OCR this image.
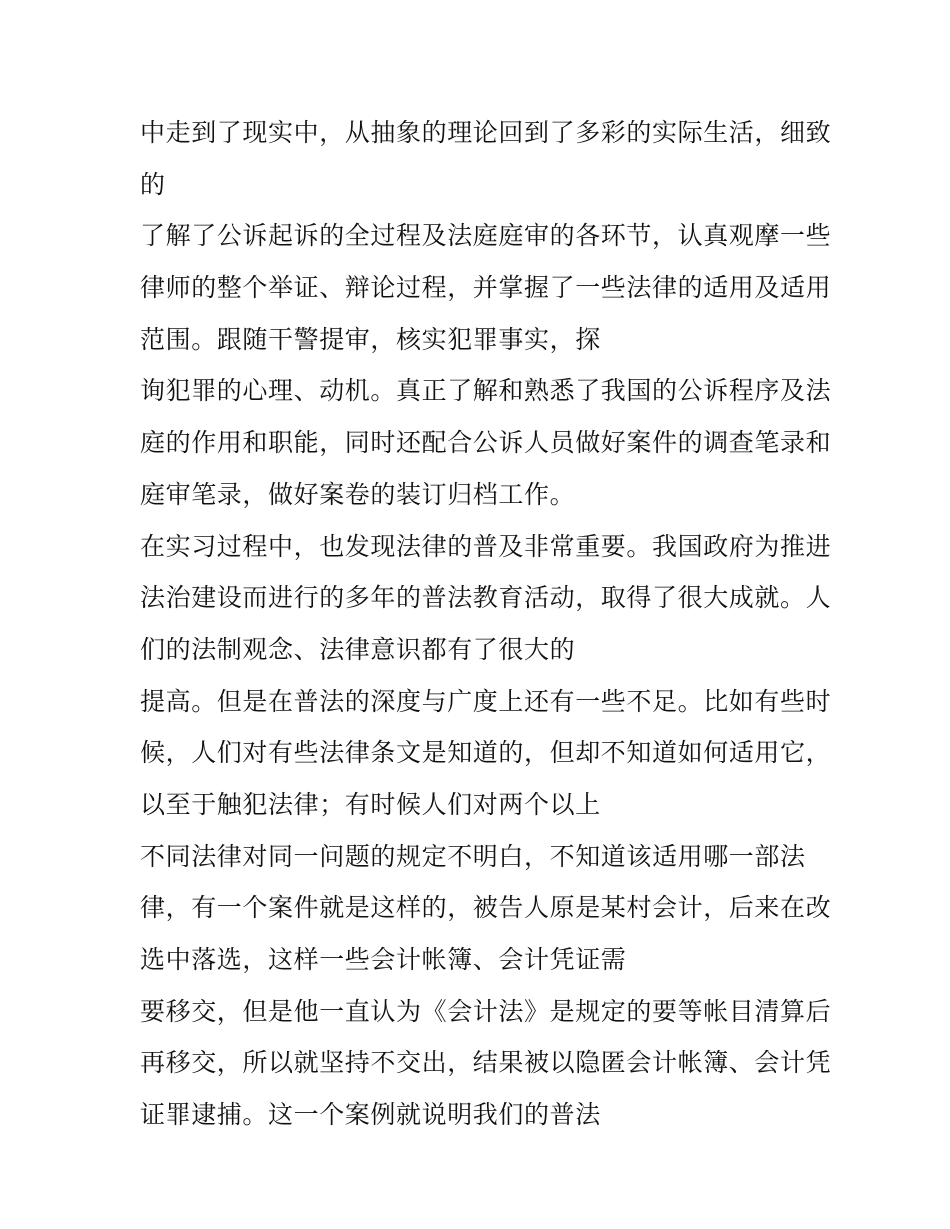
中走到了现实中，从抽象的理论回到了多彩的实际生活，细致
的
了解了公诉起诉的全过程及法庭庭审的各环节，认真观摩一些
律师的整个举证、辩论过程，并掌握了一些法律的适用及适用
范围。跟随干警提审，核实犯罪事实，探
询犯罪的心理、动机。真正了解和熟悉了我国的公诉程序及法
庭的作用和职能，同时还配合公诉人员做好案件的调查笔录和
庭审笔录，做好案卷的装订归档工作。
在实习过程中，也发现法律的普及非常重要。我国政府为推进
法治建设而进行的多年的普法教育活动，取得了很大成就。人
们的法制观念、法律意识都有了很大的
提高。但是在普法的深度与广度上还有一些不足。比如有些时
候，人们对有些法律条文是知道的，但却不知道如何适用它，
以至于触犯法律；有时候人们对两个以上
不同法律对同一问题的规定不明白，不知道该适用哪一部法
律，有一个案件就是这样的，被告人原是某村会计，后来在改
选中落选，这样一些会计帐簿、会计凭证需
要移交，但是他一直认为《会计法》是规定的要等帐目清算后
再移交，所以就坚持不交出，结果被以隐匿会计帐簿、会计凭
证罪逮捕。这一个案例就说明我们的普法
